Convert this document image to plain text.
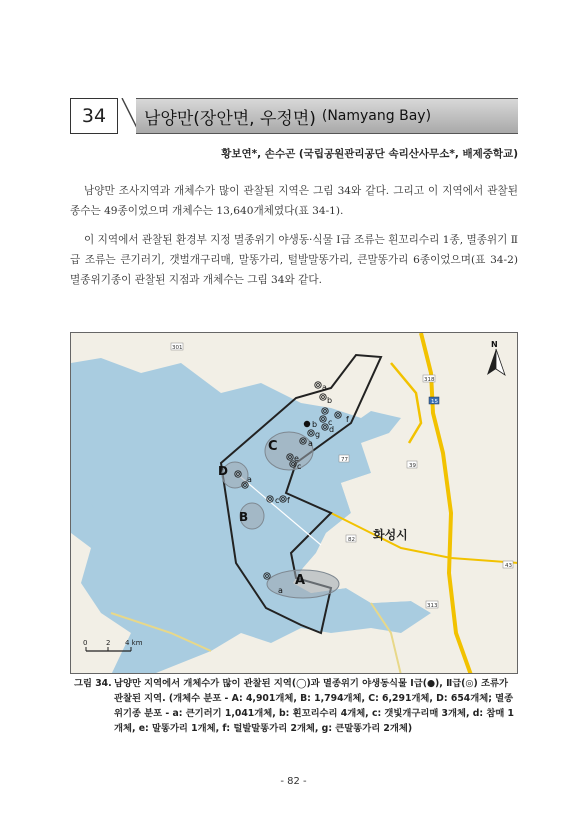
34	남양만(장안면, 우정면) (Namyang Bay)
황보연*, 손수곤 (국립공원관리공단 속리산사무소*, 배제중학교)
남양만 조사지역과 개체수가 많이 관찰된 지역은 그림 34와 같다. 그리고 이 지역에서 관찰된 종수는 49종이었으며 개체수는 13,640개체였다(표 34-1).
이 지역에서 관찰된 환경부 지정 멸종위기 야생동·식물 Ⅰ급 조류는 흰꼬리수리 1종, 멸종위기 Ⅱ급 조류는 큰기러기, 갯벌개구리매, 말똥가리, 털발말똥가리, 큰말똥가리 6종이었으며(표 34-2) 멸종위기종이 관찰된 지점과 개체수는 그림 34와 같다.
C
D
B
A
a
b
f
c
d
b
g
a
e
c
a
c f
a
화성시
301
318
15
77
39
82
313
43
N
0	2 4 km
그림 34. 남양만 지역에서 개체수가 많이 관찰된 지역(◯)과 멸종위기 야생동식물 Ⅰ급(●), Ⅱ급(◎) 조류가 관찰된 지역. (개체수 분포 - A: 4,901개체, B: 1,794개체, C: 6,291개체, D: 654개체; 멸종위기종 분포 - a: 큰기러기 1,041개체, b: 흰꼬리수리 4개체, c: 갯빛개구리매 3개체, d: 참매 1개체, e: 말똥가리 1개체, f: 털발말똥가리 2개체, g: 큰말똥가리 2개체)
- 82 -
